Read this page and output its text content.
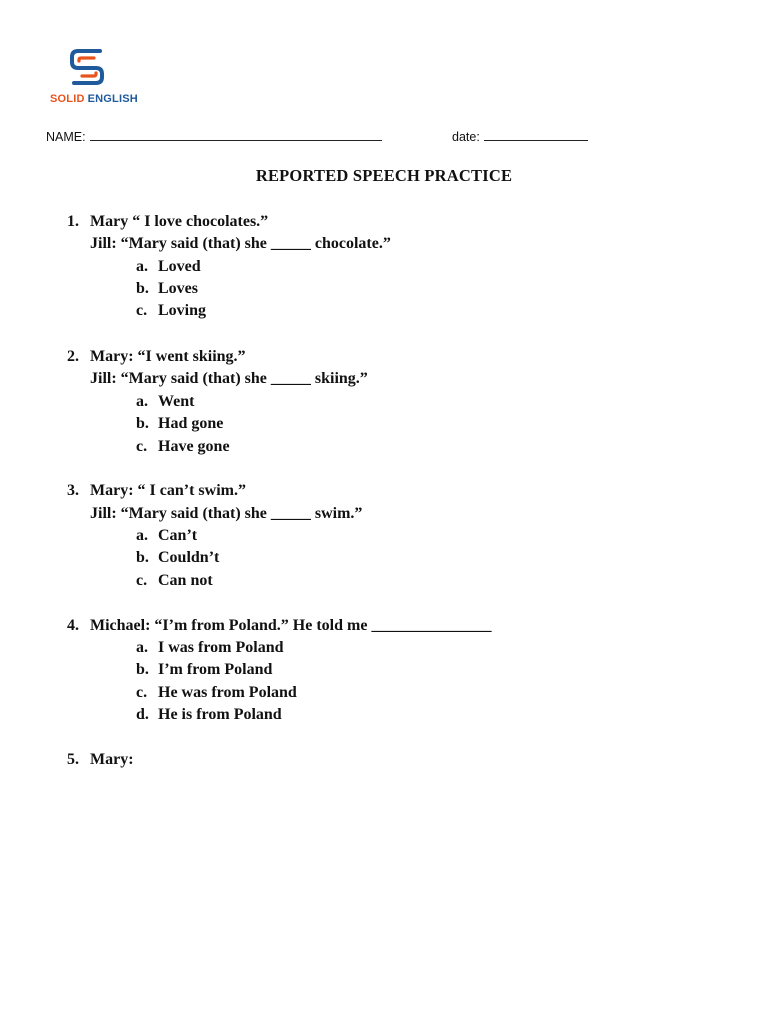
SOLID ENGLISH
NAME:	date:
REPORTED SPEECH PRACTICE
1. Mary “ I love chocolates.”
Jill: “Mary said (that) she _____ chocolate.”
a. Loved
b. Loves
c. Loving
2. Mary: “I went skiing.”
Jill: “Mary said (that) she _____ skiing.”
a. Went
b. Had gone
c. Have gone
3. Mary: “ I can’t swim.”
Jill: “Mary said (that) she _____ swim.”
a. Can’t
b. Couldn’t
c. Can not
4. Michael: “I’m from Poland.” He told me _______________
a. I was from Poland
b. I’m from Poland
c. He was from Poland
d. He is from Poland
5. Mary:
